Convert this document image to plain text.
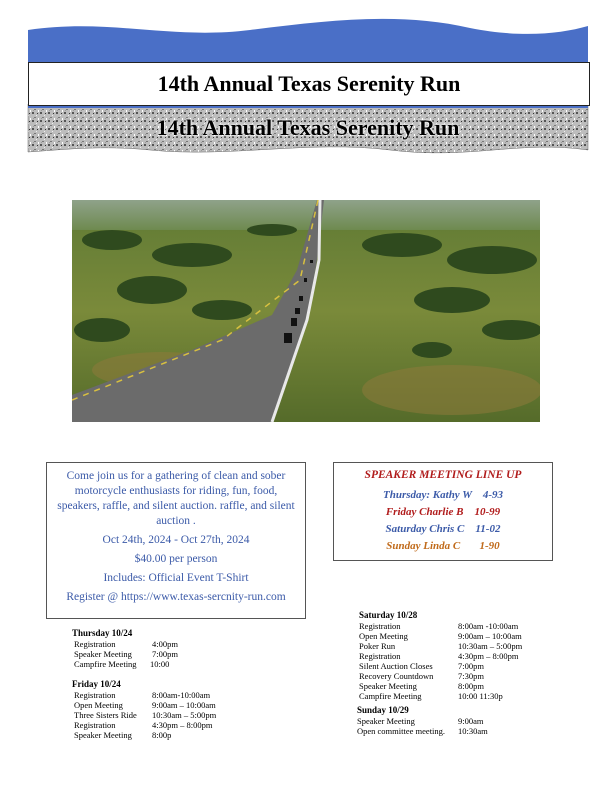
14th Annual Texas Serenity Run
14th Annual Texas Serenity Run
Come join us for a gathering of clean and sober motorcycle enthusiasts for riding, fun, food, speakers, raffle, and silent auction. raffle, and silent auction .
Oct 24th, 2024 - Oct 27th, 2024
$40.00 per person
Includes: Official Event T-Shirt
Register @ https://www.texas-sercnity-run.com
SPEAKER MEETING LINE UP
Thursday: Kathy W    4-93
Friday Charlie B    10-99
Saturday Chris C    11-02
Sunday Linda C       1-90
Thursday 10/24
Registration	4:00pm
Speaker Meeting	7:00pm
Campfire Meeting	10:00
Friday 10/24
Registration	8:00am-10:00am
Open Meeting	9:00am – 10:00am
Three Sisters Ride	10:30am – 5:00pm
Registration	4:30pm – 8:00pm
Speaker Meeting	8:00p
Saturday 10/28
Registration	8:00am -10:00am
Open Meeting	9:00am – 10:00am
Poker Run	10:30am – 5:00pm
Registration	4:30pm – 8:00pm
Silent Auction Closes	7:00pm
Recovery Countdown	7:30pm
Speaker Meeting	8:00pm
Campfire Meeting	10:00 11:30p
Sunday 10/29
Speaker Meeting	9:00am
Open committee meeting.	10:30am
